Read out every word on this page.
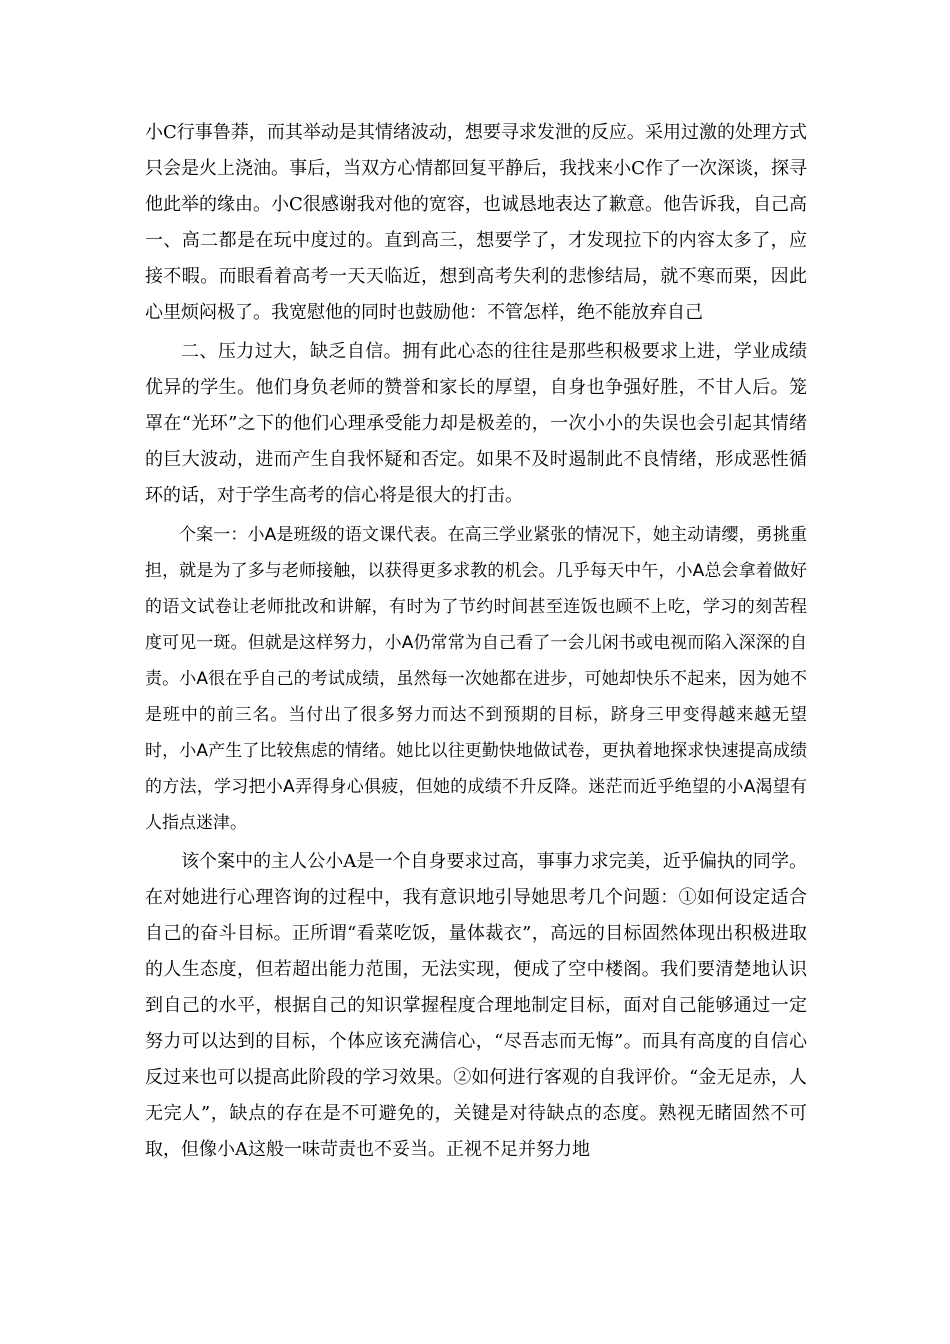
小C行事鲁莽，而其举动是其情绪波动，想要寻求发泄的反应。采用过激的处理方式只会是火上浇油。事后，当双方心情都回复平静后，我找来小C作了一次深谈，探寻他此举的缘由。小C很感谢我对他的宽容，也诚恳地表达了歉意。他告诉我，自己高一、高二都是在玩中度过的。直到高三，想要学了，才发现拉下的内容太多了，应接不暇。而眼看着高考一天天临近，想到高考失利的悲惨结局，就不寒而栗，因此心里烦闷极了。我宽慰他的同时也鼓励他：不管怎样，绝不能放弃自己

二、压力过大，缺乏自信。拥有此心态的往往是那些积极要求上进，学业成绩优异的学生。他们身负老师的赞誉和家长的厚望，自身也争强好胜，不甘人后。笼罩在“光环”之下的他们心理承受能力却是极差的，一次小小的失误也会引起其情绪的巨大波动，进而产生自我怀疑和否定。如果不及时遏制此不良情绪，形成恶性循环的话，对于学生高考的信心将是很大的打击。

个案一：小A是班级的语文课代表。在高三学业紧张的情况下，她主动请缨，勇挑重担，就是为了多与老师接触，以获得更多求教的机会。几乎每天中午，小A总会拿着做好的语文试卷让老师批改和讲解，有时为了节约时间甚至连饭也顾不上吃，学习的刻苦程度可见一斑。但就是这样努力，小A仍常常为自己看了一会儿闲书或电视而陷入深深的自责。小A很在乎自己的考试成绩，虽然每一次她都在进步，可她却快乐不起来，因为她不是班中的前三名。当付出了很多努力而达不到预期的目标，跻身三甲变得越来越无望时，小A产生了比较焦虑的情绪。她比以往更勤快地做试卷，更执着地探求快速提高成绩的方法，学习把小A弄得身心俱疲，但她的成绩不升反降。迷茫而近乎绝望的小A渴望有人指点迷津。

该个案中的主人公小A是一个自身要求过高，事事力求完美，近乎偏执的同学。在对她进行心理咨询的过程中，我有意识地引导她思考几个问题：①如何设定适合自己的奋斗目标。正所谓“看菜吃饭，量体裁衣”，高远的目标固然体现出积极进取的人生态度，但若超出能力范围，无法实现，便成了空中楼阁。我们要清楚地认识到自己的水平，根据自己的知识掌握程度合理地制定目标，面对自己能够通过一定努力可以达到的目标，个体应该充满信心，“尽吾志而无悔”。而具有高度的自信心反过来也可以提高此阶段的学习效果。②如何进行客观的自我评价。“金无足赤，人无完人”，缺点的存在是不可避免的，关键是对待缺点的态度。熟视无睹固然不可取，但像小A这般一味苛责也不妥当。正视不足并努力地
